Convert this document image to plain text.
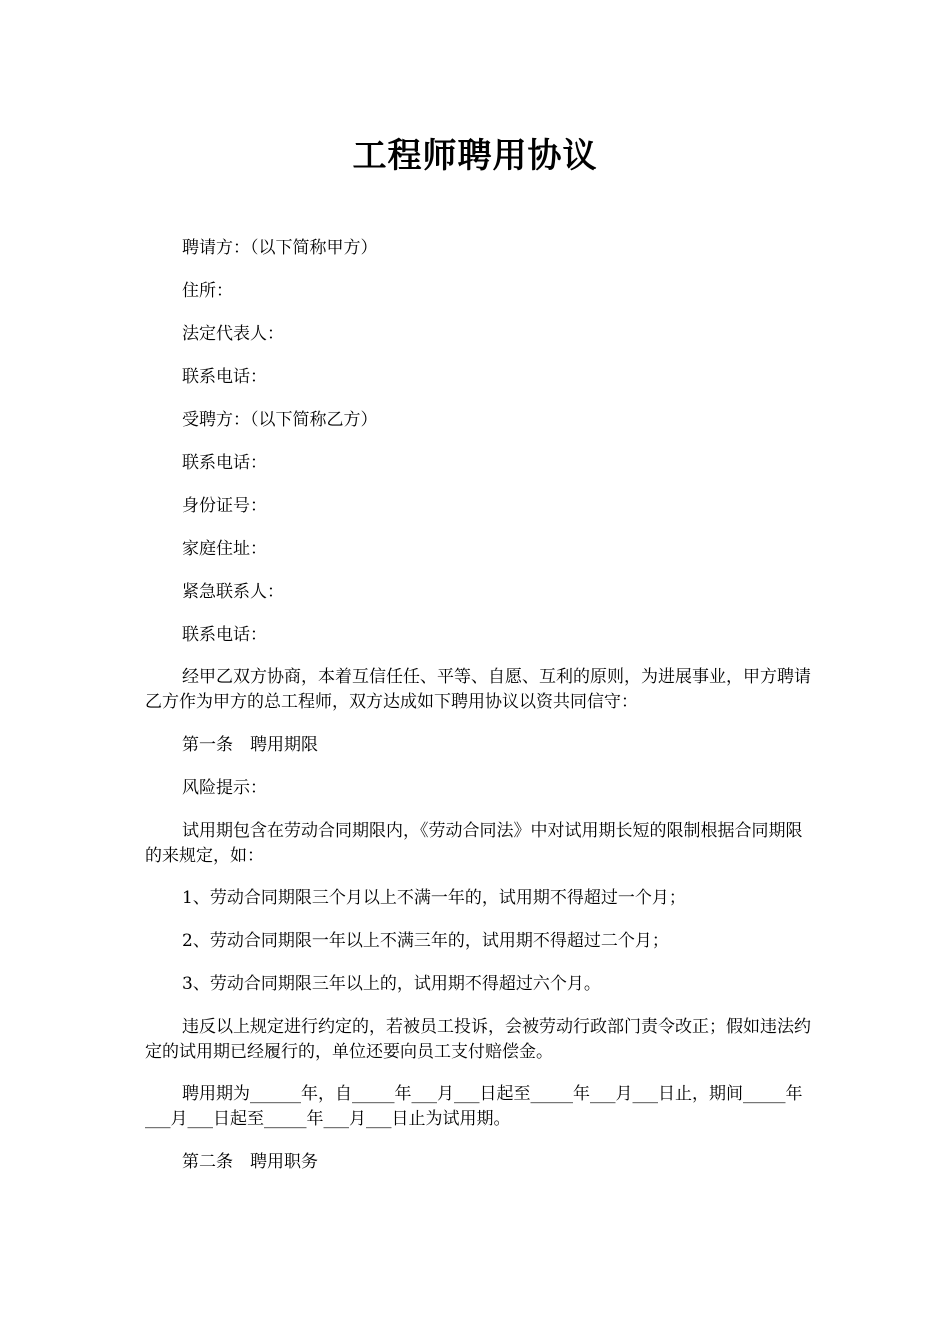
工程师聘用协议
聘请方：（以下简称甲方）
住所：
法定代表人：
联系电话：
受聘方：（以下简称乙方）
联系电话：
身份证号：
家庭住址：
紧急联系人：
联系电话：
经甲乙双方协商，本着互信任任、平等、自愿、互利的原则，为进展事业，甲方聘请乙方作为甲方的总工程师，双方达成如下聘用协议以资共同信守：
第一条　聘用期限
风险提示：
试用期包含在劳动合同期限内，《劳动合同法》中对试用期长短的限制根据合同期限的来规定，如：
1、劳动合同期限三个月以上不满一年的，试用期不得超过一个月；
2、劳动合同期限一年以上不满三年的，试用期不得超过二个月；
3、劳动合同期限三年以上的，试用期不得超过六个月。
违反以上规定进行约定的，若被员工投诉，会被劳动行政部门责令改正；假如违法约定的试用期已经履行的，单位还要向员工支付赔偿金。
聘用期为______年，自_____年___月___日起至_____年___月___日止，期间_____年___月___日起至_____年___月___日止为试用期。
第二条　聘用职务
